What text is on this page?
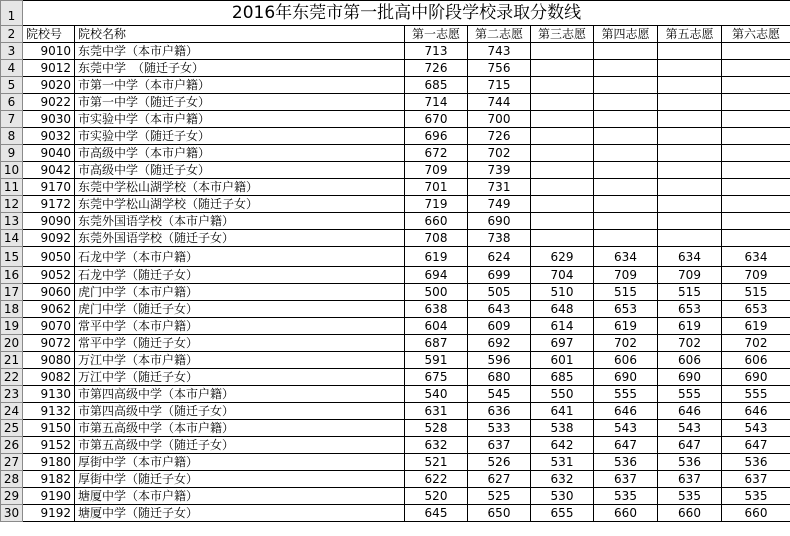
1	2016年东莞市第一批高中阶段学校录取分数线							
2	院校号	院校名称	第一志愿	第二志愿	第三志愿	第四志愿	第五志愿	第六志愿
3	9010	东莞中学（本市户籍）	713	743				
4	9012	东莞中学　（随迁子女）	726	756				
5	9020	市第一中学（本市户籍）	685	715				
6	9022	市第一中学（随迁子女）	714	744				
7	9030	市实验中学（本市户籍）	670	700				
8	9032	市实验中学（随迁子女）	696	726				
9	9040	市高级中学（本市户籍）	672	702				
10	9042	市高级中学（随迁子女）	709	739				
11	9170	东莞中学松山湖学校（本市户籍）	701	731				
12	9172	东莞中学松山湖学校（随迁子女）	719	749				
13	9090	东莞外国语学校（本市户籍）	660	690				
14	9092	东莞外国语学校（随迁子女）	708	738				
15	9050	石龙中学（本市户籍）	619	624	629	634	634	634
16	9052	石龙中学（随迁子女）	694	699	704	709	709	709
17	9060	虎门中学（本市户籍）	500	505	510	515	515	515
18	9062	虎门中学（随迁子女）	638	643	648	653	653	653
19	9070	常平中学（本市户籍）	604	609	614	619	619	619
20	9072	常平中学（随迁子女）	687	692	697	702	702	702
21	9080	万江中学（本市户籍）	591	596	601	606	606	606
22	9082	万江中学（随迁子女）	675	680	685	690	690	690
23	9130	市第四高级中学（本市户籍）	540	545	550	555	555	555
24	9132	市第四高级中学（随迁子女）	631	636	641	646	646	646
25	9150	市第五高级中学（本市户籍）	528	533	538	543	543	543
26	9152	市第五高级中学（随迁子女）	632	637	642	647	647	647
27	9180	厚街中学（本市户籍）	521	526	531	536	536	536
28	9182	厚街中学（随迁子女）	622	627	632	637	637	637
29	9190	塘厦中学（本市户籍）	520	525	530	535	535	535
30	9192	塘厦中学（随迁子女）	645	650	655	660	660	660
